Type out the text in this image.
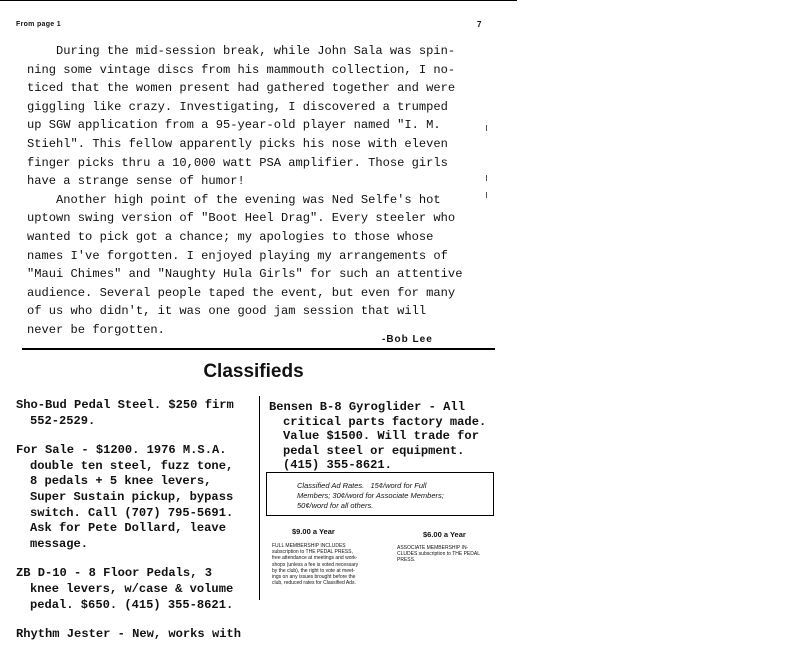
From page 1	7

During the mid-session break, while John Sala was spin-

ning some vintage discs from his mammouth collection, I no-

ticed that the women present had gathered together and were

giggling like crazy. Investigating, I discovered a trumped

up SGW application from a 95-year-old player named "I. M.

Stiehl". This fellow apparently picks his nose with eleven

finger picks thru a 10,000 watt PSA amplifier. Those girls

have a strange sense of humor!

Another high point of the evening was Ned Selfe's hot

uptown swing version of "Boot Heel Drag". Every steeler who

wanted to pick got a chance; my apologies to those whose

names I've forgotten. I enjoyed playing my arrangements of

"Maui Chimes" and "Naughty Hula Girls" for such an attentive

audience. Several people taped the event, but even for many

of us who didn't, it was one good jam session that will

never be forgotten.

-Bob Lee
Classifieds
Sho-Bud Pedal Steel. $250 firm
552-2529.
For Sale - $1200. 1976 M.S.A.
double ten steel, fuzz tone,
8 pedals + 5 knee levers,
Super Sustain pickup, bypass
switch. Call (707) 795-5691.
Ask for Pete Dollard, leave
message.
ZB D-10 - 8 Floor Pedals, 3
knee levers, w/case & volume
pedal. $650. (415) 355-8621.
Rhythm Jester - New, works with
Bensen B-8 Gyroglider - All
critical parts factory made.
Value $1500. Will trade for
pedal steel or equipment.
(415) 355-8621.
Classified Ad Rates.   15¢/word for Full
Members; 30¢/word for Associate Members;
50¢/word for all others.
$9.00 a Year	$6.00 a Year
FULL MEMBERSHIP INCLUDES
subscription to THE PEDAL PRESS,
free attendance at meetings and work-
shops (unless a fee is voted necessary
by the club), the right to vote at meet-
ings on any issues brought before the
club, reduced rates for Classified Ads.
ASSOCIATE MEMBERSHIP IN-
CLUDES subscription to THE PEDAL
PRESS.
